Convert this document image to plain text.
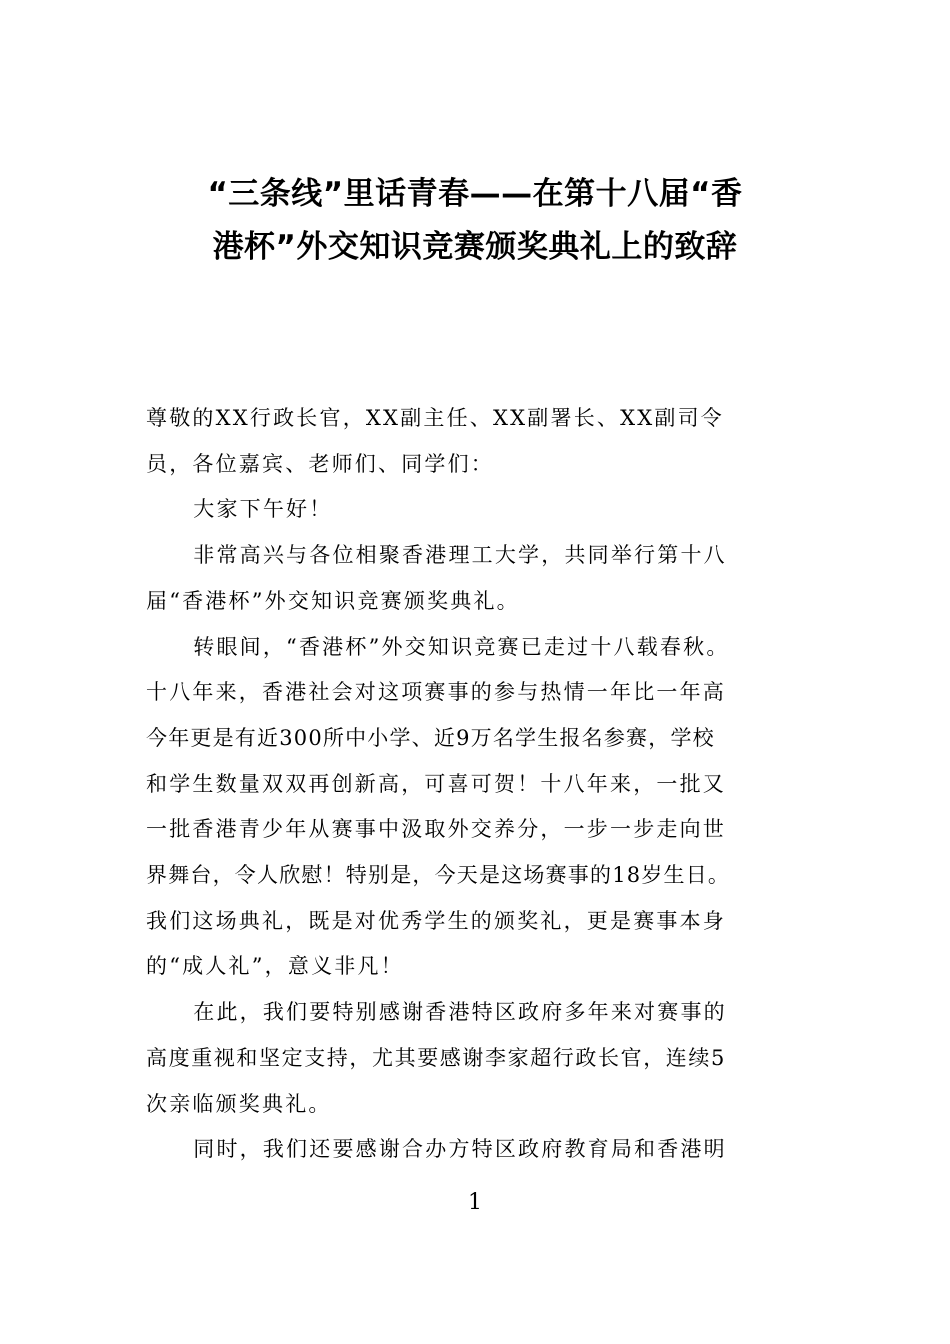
“三条线”里话青春——在第十八届“香
港杯”外交知识竞赛颁奖典礼上的致辞

尊敬的XX行政长官，XX副主任、XX副署长、XX副司令
员，各位嘉宾、老师们、同学们：

大家下午好！

非常高兴与各位相聚香港理工大学，共同举行第十八
届“香港杯”外交知识竞赛颁奖典礼。

转眼间，“香港杯”外交知识竞赛已走过十八载春秋。
十八年来，香港社会对这项赛事的参与热情一年比一年高
今年更是有近300所中小学、近9万名学生报名参赛，学校
和学生数量双双再创新高，可喜可贺！十八年来，一批又
一批香港青少年从赛事中汲取外交养分，一步一步走向世
界舞台，令人欣慰！特别是，今天是这场赛事的18岁生日。
我们这场典礼，既是对优秀学生的颁奖礼，更是赛事本身
的“成人礼”，意义非凡！

在此，我们要特别感谢香港特区政府多年来对赛事的
高度重视和坚定支持，尤其要感谢李家超行政长官，连续5
次亲临颁奖典礼。

同时，我们还要感谢合办方特区政府教育局和香港明

1
